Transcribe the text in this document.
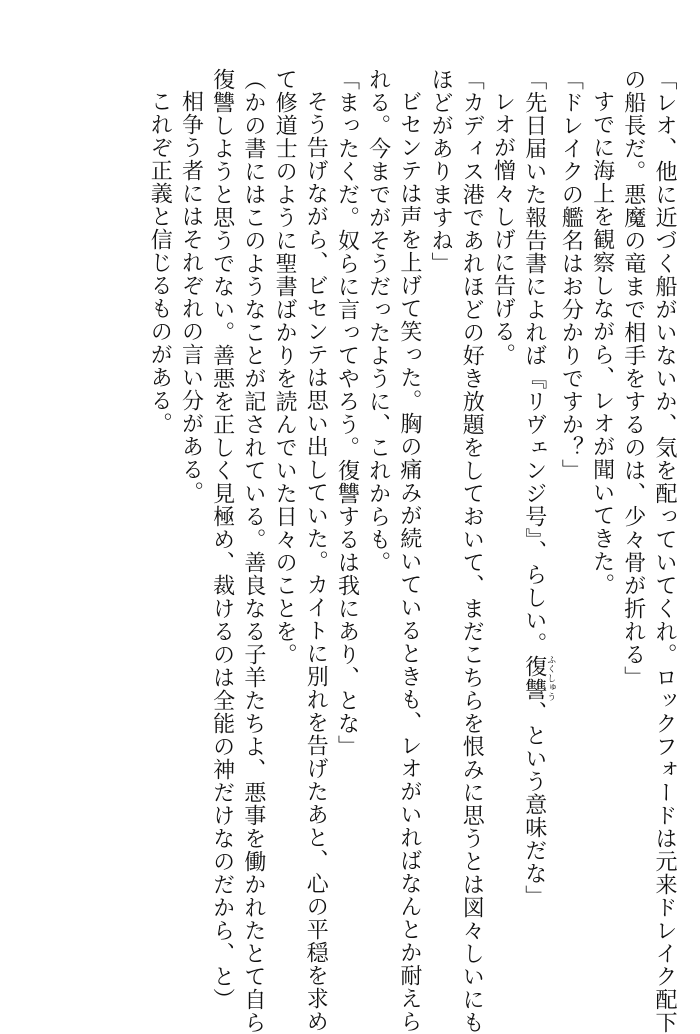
「レオ、他に近づく船がいないか、気を配っていてくれ。ロックフォードは元来ドレイク配下
の船長だ。悪魔の竜まで相手をするのは、少々骨が折れる」
すでに海上を観察しながら、レオが聞いてきた。
「ドレイクの艦名はお分かりですか？」
「先日届いた報告書によれば『リヴェンジ号』、らしい。復讐ふくしゅう、という意味だな」
レオが憎々しげに告げる。
「カディス港であれほどの好き放題をしておいて、まだこちらを恨みに思うとは図々しいにも
ほどがありますね」
ビセンテは声を上げて笑った。胸の痛みが続いているときも、レオがいればなんとか耐えら
れる。今までがそうだったように、これからも。
「まったくだ。奴らに言ってやろう。復讐するは我にあり、とな」
そう告げながら、ビセンテは思い出していた。カイトに別れを告げたあと、心の平穏を求め
て修道士のように聖書ばかりを読んでいた日々のことを。
（かの書にはこのようなことが記されている。善良なる子羊たちよ、悪事を働かれたとて自ら
復讐しようと思うでない。善悪を正しく見極め、裁けるのは全能の神だけなのだから、と）
相争う者にはそれぞれの言い分がある。
これぞ正義と信じるものがある。
